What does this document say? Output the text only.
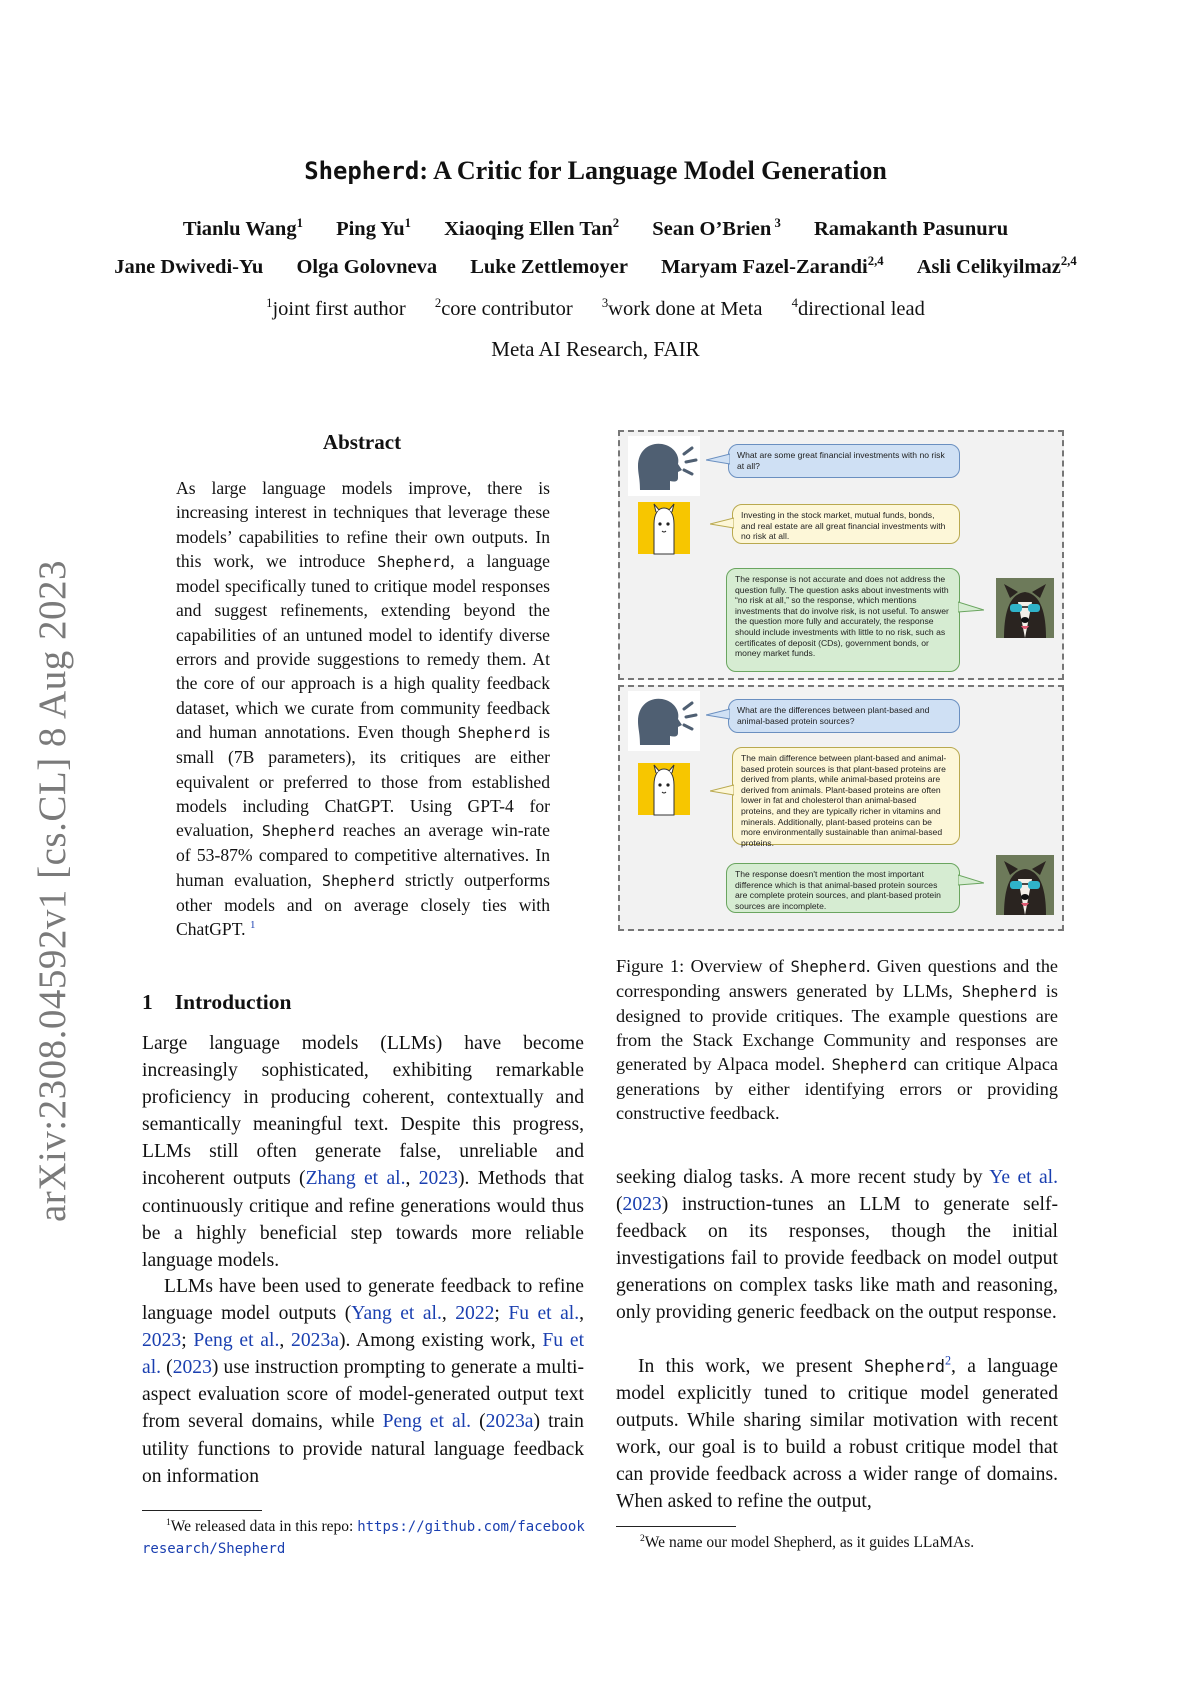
arXiv:2308.04592v1 [cs.CL] 8 Aug 2023
Shepherd: A Critic for Language Model Generation
Tianlu Wang$^1$ Ping Yu$^1$ Xiaoqing Ellen Tan$^2$ Sean O’Brien $^3$ Ramakanth Pasunuru
Jane Dwivedi-Yu Olga Golovneva Luke Zettlemoyer Maryam Fazel-Zarandi$^{2,4}$ Asli Celikyilmaz$^{2,4}$
$^1$joint first author $^2$core contributor $^3$work done at Meta $^4$directional lead
Meta AI Research, FAIR
Abstract
As large language models improve, there is increasing interest in techniques that leverage these models’ capabilities to refine their own outputs. In this work, we introduce Shepherd, a language model specifically tuned to critique model responses and suggest refinements, extending beyond the capabilities of an untuned model to identify diverse errors and provide suggestions to remedy them. At the core of our approach is a high quality feedback dataset, which we curate from community feedback and human annotations. Even though Shepherd is small (7B parameters), its critiques are either equivalent or preferred to those from established models including ChatGPT. Using GPT-4 for evaluation, Shepherd reaches an average win-rate of 53-87% compared to competitive alternatives. In human evaluation, Shepherd strictly outperforms other models and on average closely ties with ChatGPT. $^1$
1 Introduction
Large language models (LLMs) have become increasingly sophisticated, exhibiting remarkable proficiency in producing coherent, contextually and semantically meaningful text. Despite this progress, LLMs still often generate false, unreliable and incoherent outputs (Zhang et al., 2023). Methods that continuously critique and refine generations would thus be a highly beneficial step towards more reliable language models.
LLMs have been used to generate feedback to refine language model outputs (Yang et al., 2022; Fu et al., 2023; Peng et al., 2023a). Among existing work, Fu et al. (2023) use instruction prompting to generate a multi-aspect evaluation score of model-generated output text from several domains, while Peng et al. (2023a) train utility functions to provide natural language feedback on information
$^1$We released data in this repo: https://github.com/facebookresearch/Shepherd
seeking dialog tasks. A more recent study by Ye et al. (2023) instruction-tunes an LLM to generate self-feedback on its responses, though the initial investigations fail to provide feedback on model output generations on complex tasks like math and reasoning, only providing generic feedback on the output response.
In this work, we present Shepherd$^2$, a language model explicitly tuned to critique model generated outputs. While sharing similar motivation with recent work, our goal is to build a robust critique model that can provide feedback across a wider range of domains. When asked to refine the output,
$^2$We name our model Shepherd, as it guides LLaMAs.
What are some great financial investments with no risk at all?
Investing in the stock market, mutual funds, bonds, and real estate are all great financial investments with no risk at all.
The response is not accurate and does not address the question fully. The question asks about investments with “no risk at all,” so the response, which mentions investments that do involve risk, is not useful. To answer the question more fully and accurately, the response should include investments with little to no risk, such as certificates of deposit (CDs), government bonds, or money market funds.
What are the differences between plant-based and animal-based protein sources?
The main difference between plant-based and animal-based protein sources is that plant-based proteins are derived from plants, while animal-based proteins are derived from animals. Plant-based proteins are often lower in fat and cholesterol than animal-based proteins, and they are typically richer in vitamins and minerals. Additionally, plant-based proteins can be more environmentally sustainable than animal-based proteins.
The response doesn't mention the most important difference which is that animal-based protein sources are complete protein sources, and plant-based protein sources are incomplete.
Figure 1: Overview of Shepherd. Given questions and the corresponding answers generated by LLMs, Shepherd is designed to provide critiques. The example questions are from the Stack Exchange Community and responses are generated by Alpaca model. Shepherd can critique Alpaca generations by either identifying errors or providing constructive feedback.
